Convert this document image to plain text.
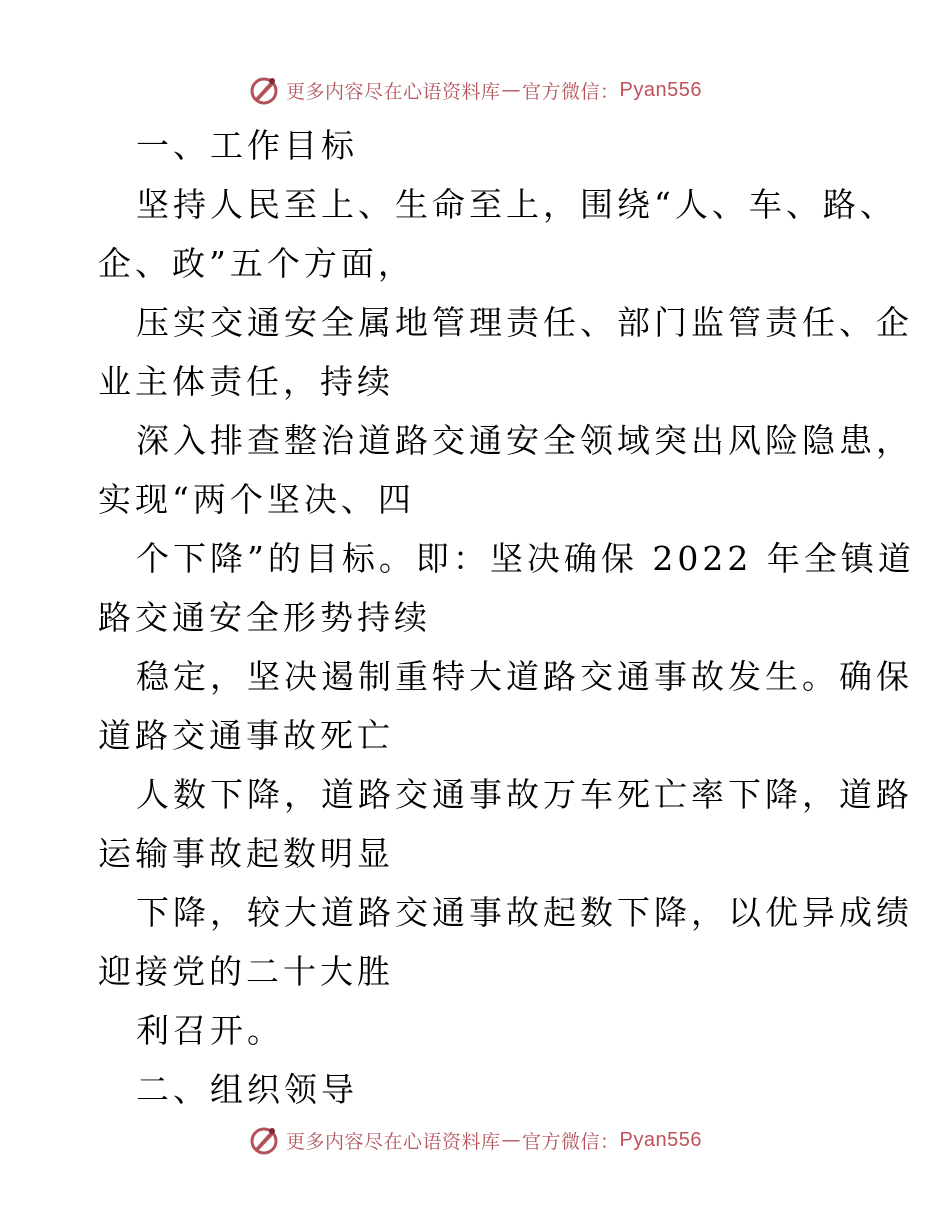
更多内容尽在心语资料库 — 官方微信： Pyan556
一、工作目标
坚持人民至上、生命至上，围绕“人、车、路、
企、政”五个方面，
压实交通安全属地管理责任、部门监管责任、企
业主体责任，持续
深入排查整治道路交通安全领域突出风险隐患，
实现“两个坚决、四
个下降”的目标。即：坚决确保 2022 年全镇道
路交通安全形势持续
稳定，坚决遏制重特大道路交通事故发生。确保
道路交通事故死亡
人数下降，道路交通事故万车死亡率下降，道路
运输事故起数明显
下降，较大道路交通事故起数下降，以优异成绩
迎接党的二十大胜
利召开。
二、组织领导
更多内容尽在心语资料库 — 官方微信： Pyan556
